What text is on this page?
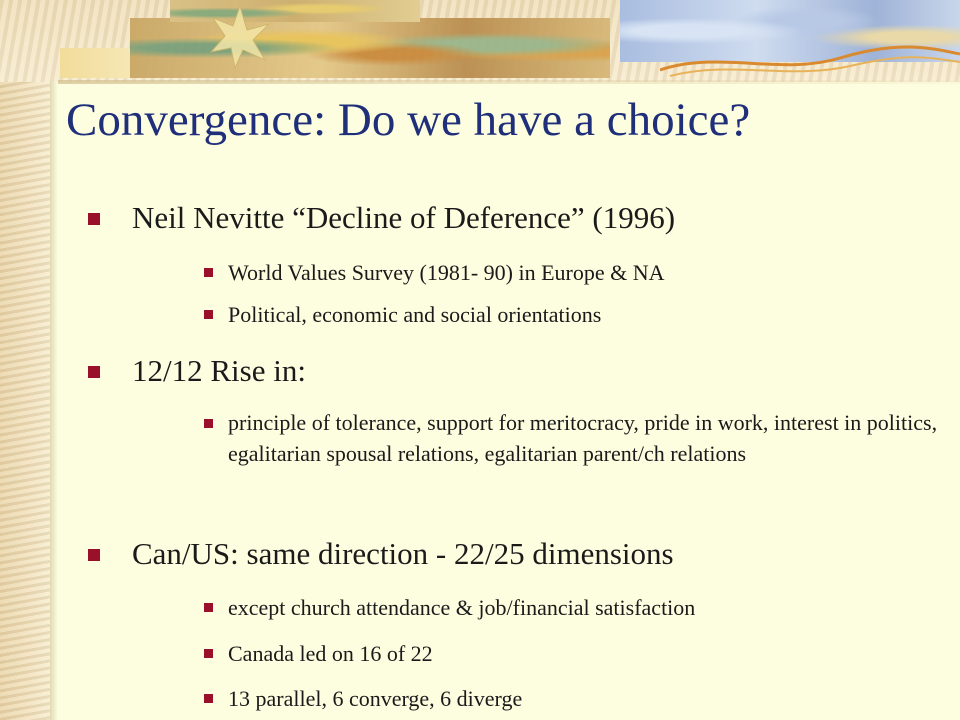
Convergence: Do we have a choice?
Neil Nevitte “Decline of Deference” (1996)
World Values Survey (1981- 90) in Europe & NA
Political, economic and social orientations
12/12 Rise in:
principle of tolerance, support for meritocracy, pride in work, interest in politics, egalitarian spousal relations, egalitarian parent/ch relations
Can/US: same direction - 22/25 dimensions
except church attendance & job/financial satisfaction
Canada led on 16 of 22
13 parallel, 6 converge, 6 diverge
